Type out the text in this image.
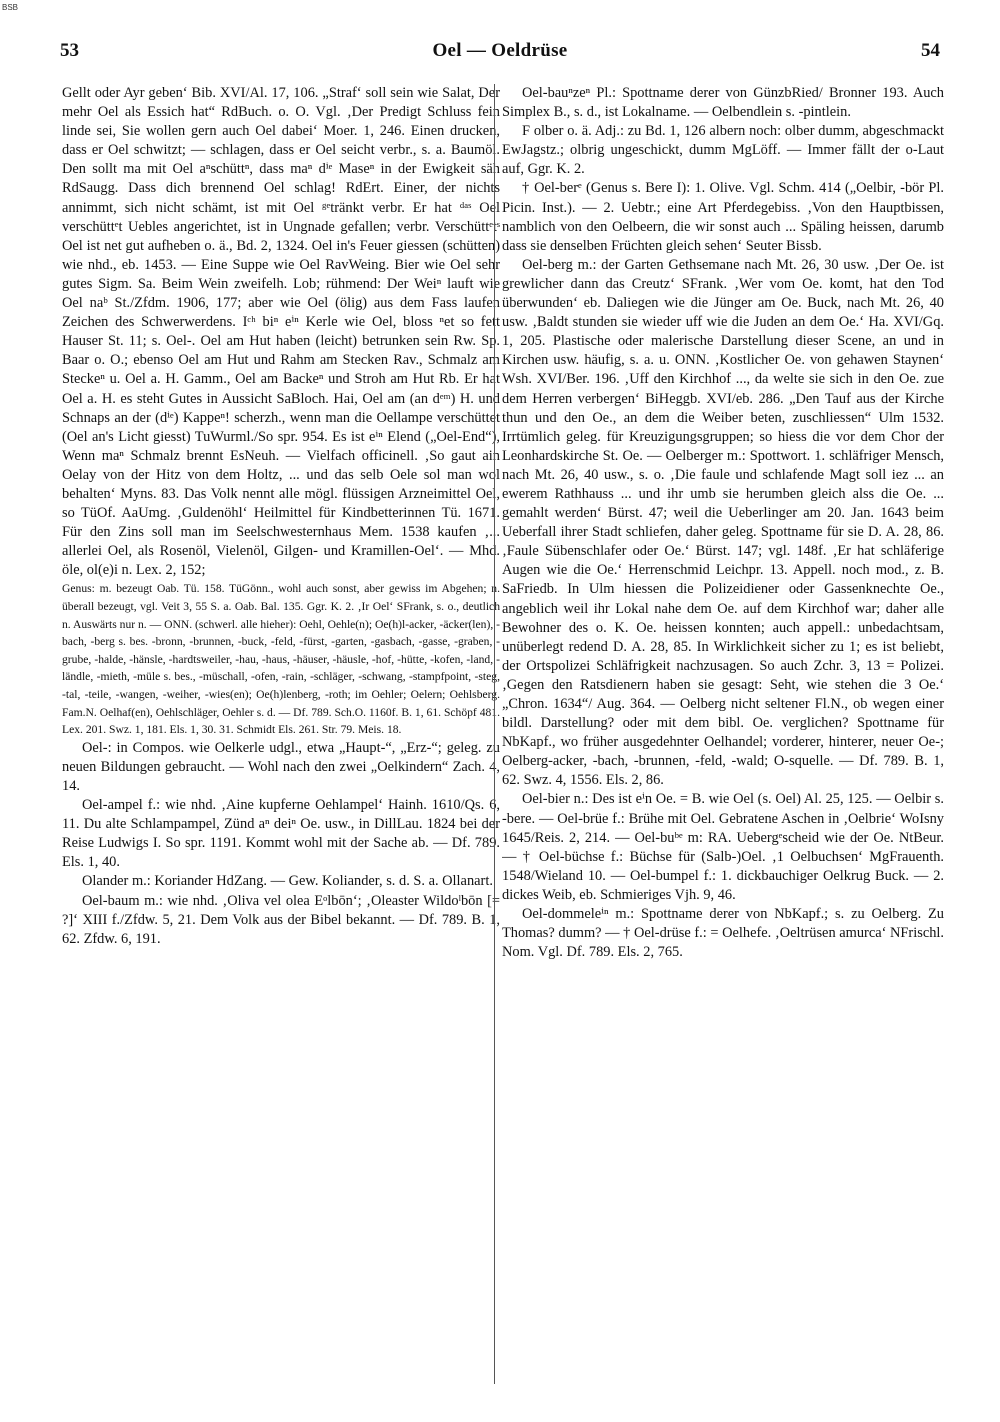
BSB
53	Oel — Oeldrüse	54

Gellt oder Ayr geben‘ Bib. XVI/Al. 17, 106. „Straf‘ soll sein wie Salat, Der mehr Oel als Essich hat“ RdBuch. o. O. Vgl. ‚Der Predigt Schluss fein linde sei, Sie wollen gern auch Oel dabei‘ Moer. 1, 246. Einen drucken, dass er Oel schwitzt; — schlagen, dass er Oel seicht verbr., s. a. Baumöl. Den sollt ma mit Oel aⁿschüttⁿ, dass maⁿ dⁱᵉ Maseⁿ in der Ewigkeit säh RdSaugg. Dass dich brennend Oel schlag! RdErt. Einer, der nichts annimmt, sich nicht schämt, ist mit Oel ᵍᵉtränkt verbr. Er hat ᵈᵃˢ Oel verschüttᵉt Uebles angerichtet, ist in Ungnade gefallen; verbr. Verschüttᵉtˢ Oel ist net gut aufheben o. ä., Bd. 2, 1324. Oel in's Feuer giessen (schütten) wie nhd., eb. 1453. — Eine Suppe wie Oel RavWeing. Bier wie Oel sehr gutes Sigm. Sa. Beim Wein zweifelh. Lob; rühmend: Der Weiⁿ lauft wie Oel naᵇ St./Zfdm. 1906, 177; aber wie Oel (ölig) aus dem Fass laufen Zeichen des Schwerwerdens. Iᶜʰ biⁿ eⁱⁿ Kerle wie Oel, bloss ⁿet so fett Hauser St. 11; s. Oel-. Oel am Hut haben (leicht) betrunken sein Rw. Sp. Baar o. O.; ebenso Oel am Hut und Rahm am Stecken Rav., Schmalz am Steckeⁿ u. Oel a. H. Gamm., Oel am Backeⁿ und Stroh am Hut Rb. Er hat Oel a. H. es steht Gutes in Aussicht SaBloch. Hai, Oel am (an dᵉᵐ) H. und Schnaps an der (dⁱᵉ) Kappeⁿ! scherzh., wenn man die Oellampe verschüttet (Oel an's Licht giesst) TuWurml./So spr. 954. Es ist eⁱⁿ Elend („Oel-End“), Wenn maⁿ Schmalz brennt EsNeuh. — Vielfach officinell. ‚So gaut ain Oelay von der Hitz von dem Holtz, ... und das selb Oele sol man wol behalten‘ Myns. 83. Das Volk nennt alle mögl. flüssigen Arzneimittel Oel, so TüOf. AaUmg. ‚Guldenöhl‘ Heilmittel für Kindbetterinnen Tü. 1671. Für den Zins soll man im Seelschwesternhaus Mem. 1538 kaufen ‚... allerlei Oel, als Rosenöl, Vielenöl, Gilgen- und Kramillen-Oel‘. — Mhd. öle, ol(e)i n. Lex. 2, 152;

Genus: m. bezeugt Oab. Tü. 158. TüGönn., wohl auch sonst, aber gewiss im Abgehen; n. überall bezeugt, vgl. Veit 3, 55 S. a. Oab. Bal. 135. Ggr. K. 2. ‚Ir Oel‘ SFrank, s. o., deutlich n. Auswärts nur n. — ONN. (schwerl. alle hieher): Oehl, Oehle(n); Oe(h)l-acker, -äcker(len), -bach, -berg s. bes. -bronn, -brunnen, -buck, -feld, -fürst, -garten, -gasbach, -gasse, -graben, -grube, -halde, -hänsle, -hardtsweiler, -hau, -haus, -häuser, -häusle, -hof, -hütte, -kofen, -land, -ländle, -mieth, -müle s. bes., -müschall, -ofen, -rain, -schläger, -schwang, -stampfpoint, -steg, -tal, -teile, -wangen, -weiher, -wies(en); Oe(h)lenberg, -roth; im Oehler; Oelern; Oehlsberg. Fam.N. Oelhaf(en), Oehlschläger, Oehler s. d. — Df. 789. Sch.O. 1160f. B. 1, 61. Schöpf 481. Lex. 201. Swz. 1, 181. Els. 1, 30. 31. Schmidt Els. 261. Str. 79. Meis. 18.

Oel-: in Compos. wie Oelkerle udgl., etwa „Haupt-“, „Erz-“; geleg. zu neuen Bildungen gebraucht. — Wohl nach den zwei „Oelkindern“ Zach. 4, 14.

Oel-ampel f.: wie nhd. ‚Aine kupferne Oehlampel‘ Hainh. 1610/Qs. 6, 11. Du alte Schlampampel, Zünd aⁿ deiⁿ Oe. usw., in DillLau. 1824 bei der Reise Ludwigs I. So spr. 1191. Kommt wohl mit der Sache ab. — Df. 789. Els. 1, 40.

Olander m.: Koriander HdZang. — Gew. Koliander, s. d. S. a. Ollanart.

Oel-baum m.: wie nhd. ‚Oliva vel olea Eᵒlbōn‘; ‚Oleaster Wildoˡbōn [= ?]‘ XIII f./Zfdw. 5, 21. Dem Volk aus der Bibel bekannt. — Df. 789. B. 1, 62. Zfdw. 6, 191.

Oel-bauⁿzeⁿ Pl.: Spottname derer von GünzbRied/ Bronner 193. Auch Simplex B., s. d., ist Lokalname. — Oelbendlein s. -pintlein.

F olber o. ä. Adj.: zu Bd. 1, 126 albern noch: olber dumm, abgeschmackt EwJagstz.; olbrig ungeschickt, dumm MgLöff. — Immer fällt der o-Laut auf, Ggr. K. 2.

† Oel-berᵉ (Genus s. Bere I): 1. Olive. Vgl. Schm. 414 („Oelbir, -bör Pl. Picin. Inst.). — 2. Uebtr.; eine Art Pferdegebiss. ‚Von den Hauptbissen, namblich von den Oelbeern, die wir sonst auch ... Späling heissen, darumb dass sie denselben Früchten gleich sehen‘ Seuter Bissb.

Oel-berg m.: der Garten Gethsemane nach Mt. 26, 30 usw. ‚Der Oe. ist grewlicher dann das Creutz‘ SFrank. ‚Wer vom Oe. komt, hat den Tod überwunden‘ eb. Daliegen wie die Jünger am Oe. Buck, nach Mt. 26, 40 usw. ‚Baldt stunden sie wieder uff wie die Juden an dem Oe.‘ Ha. XVI/Gq. 1, 205. Plastische oder malerische Darstellung dieser Scene, an und in Kirchen usw. häufig, s. a. u. ONN. ‚Kostlicher Oe. von gehawen Staynen‘ Wsh. XVI/Ber. 196. ‚Uff den Kirchhof ..., da welte sie sich in den Oe. zue dem Herren verbergen‘ BiHeggb. XVI/eb. 286. „Den Tauf aus der Kirche thun und den Oe., an dem die Weiber beten, zuschliessen“ Ulm 1532. Irrtümlich geleg. für Kreuzigungsgruppen; so hiess die vor dem Chor der Leonhardskirche St. Oe. — Oelberger m.: Spottwort. 1. schläfriger Mensch, nach Mt. 26, 40 usw., s. o. ‚Die faule und schlafende Magt soll iez ... an ewerem Rathhauss ... und ihr umb sie herumben gleich alss die Oe. ... gemahlt werden‘ Bürst. 47; weil die Ueberlinger am 20. Jan. 1643 beim Ueberfall ihrer Stadt schliefen, daher geleg. Spottname für sie D. A. 28, 86. ‚Faule Sübenschlafer oder Oe.‘ Bürst. 147; vgl. 148f. ‚Er hat schläferige Augen wie die Oe.‘ Herrenschmid Leichpr. 13. Appell. noch mod., z. B. SaFriedb. In Ulm hiessen die Polizeidiener oder Gassenknechte Oe., angeblich weil ihr Lokal nahe dem Oe. auf dem Kirchhof war; daher alle Bewohner des o. K. Oe. heissen konnten; auch appell.: unbedachtsam, unüberlegt redend D. A. 28, 85. In Wirklichkeit sicher zu 1; es ist beliebt, der Ortspolizei Schläfrigkeit nachzusagen. So auch Zchr. 3, 13 = Polizei. ‚Gegen den Ratsdienern haben sie gesagt: Seht, wie stehen die 3 Oe.‘ „Chron. 1634“/ Aug. 364. — Oelberg nicht seltener Fl.N., ob wegen einer bildl. Darstellung? oder mit dem bibl. Oe. verglichen? Spottname für NbKapf., wo früher ausgedehnter Oelhandel; vorderer, hinterer, neuer Oe-; Oelberg-acker, -bach, -brunnen, -feld, -wald; O-squelle. — Df. 789. B. 1, 62. Swz. 4, 1556. Els. 2, 86.

Oel-bier n.: Des ist eⁱn Oe. = B. wie Oel (s. Oel) Al. 25, 125. — Oelbir s. -bere. — Oel-brüe f.: Brühe mit Oel. Gebratene Aschen in ‚Oelbrie‘ WoIsny 1645/Reis. 2, 214. — Oel-buᵇᵉ m: RA. Uebergᵉscheid wie der Oe. NtBeur. — † Oel-büchse f.: Büchse für (Salb-)Oel. ‚1 Oelbuchsen‘ MgFrauenth. 1548/Wieland 10. — Oel-bumpel f.: 1. dickbauchiger Oelkrug Buck. — 2. dickes Weib, eb. Schmieriges Vjh. 9, 46.

Oel-dommeleⁱⁿ m.: Spottname derer von NbKapf.; s. zu Oelberg. Zu Thomas? dumm? — † Oel-drüse f.: = Oelhefe. ‚Oeltrüsen amurca‘ NFrischl. Nom. Vgl. Df. 789. Els. 2, 765.
